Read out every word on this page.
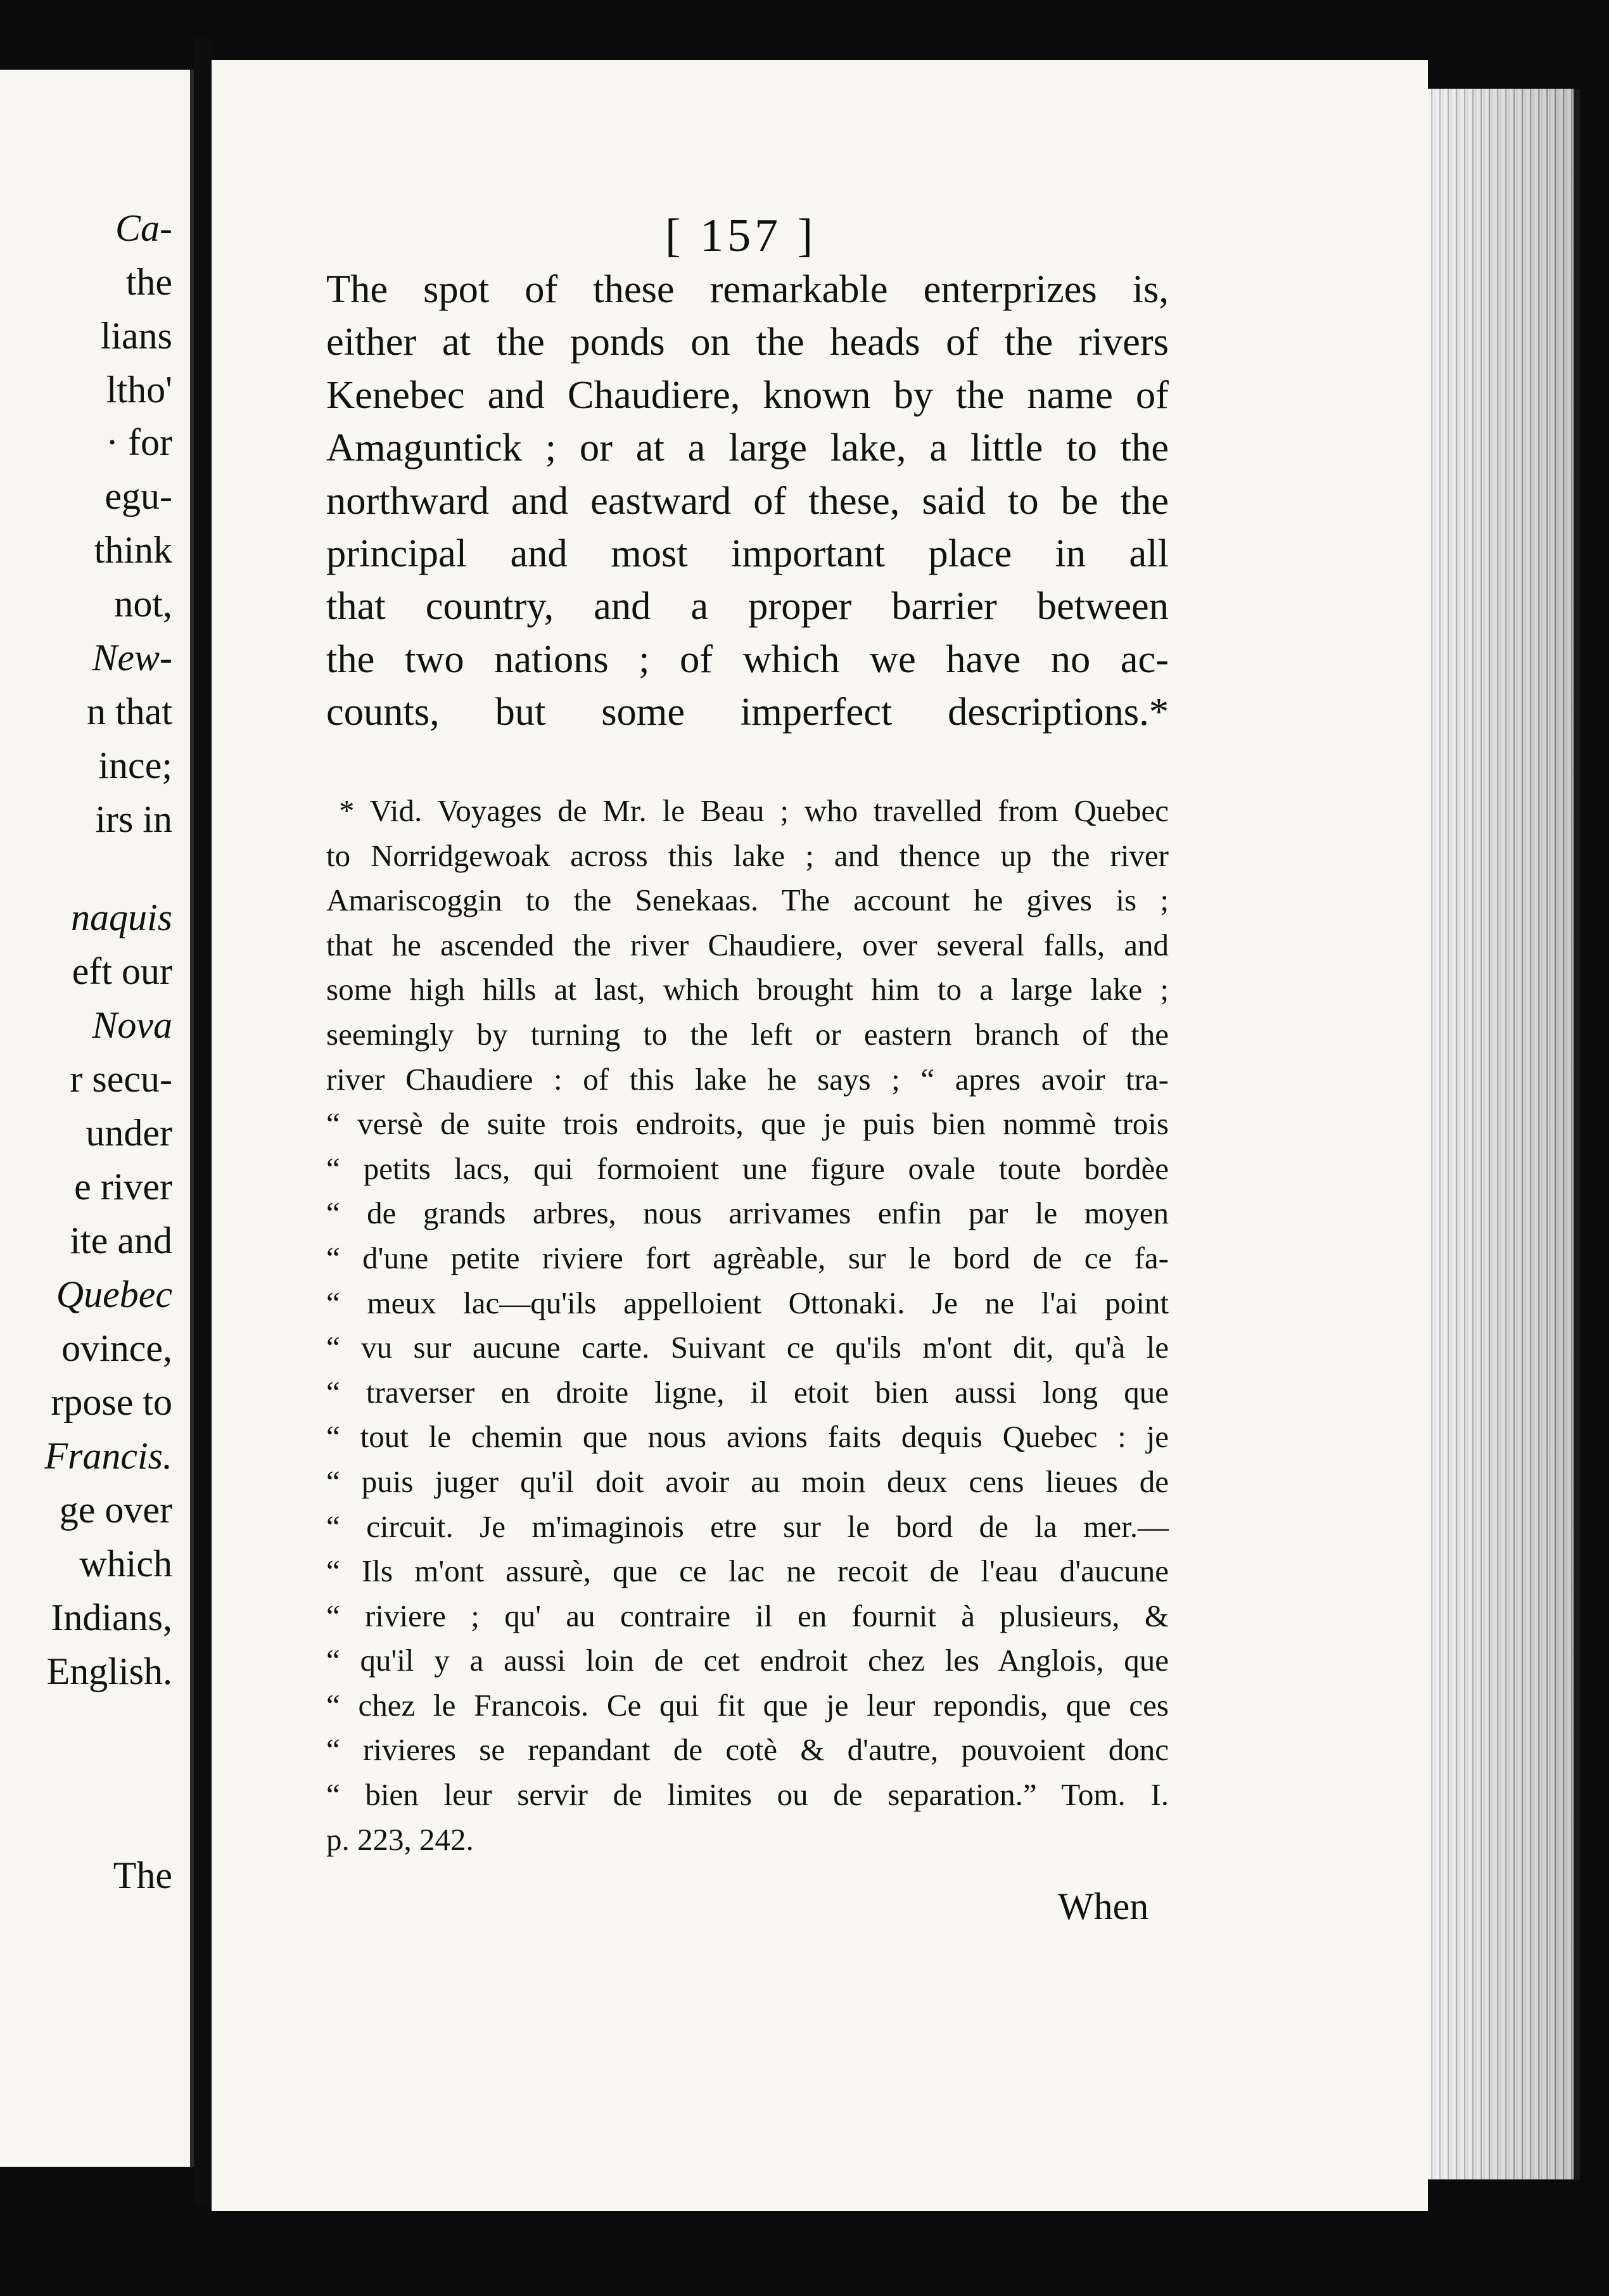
Ca-
the
lians
ltho'
· for
egu-
think
not,
New-
n that
ince;
irs in
naquis
eft our
Nova
r secu-
under
e river
ite and
Quebec
ovince,
rpose to
Francis.
ge over
which
Indians,
English.
The
[ 157 ]
The spot of these remarkable enterprizes is,
either at the ponds on the heads of the rivers
Kenebec and Chaudiere, known by the name of
Amaguntick ; or at a large lake, a little to the
northward and eastward of these, said to be the
principal and most important place in all
that country, and a proper barrier between
the two nations ; of which we have no ac-
counts, but some imperfect descriptions.*
* Vid. Voyages de Mr. le Beau ; who travelled from Quebec
to Norridgewoak across this lake ; and thence up the river
Amariscoggin to the Senekaas. The account he gives is ;
that he ascended the river Chaudiere, over several falls, and
some high hills at last, which brought him to a large lake ;
seemingly by turning to the left or eastern branch of the
river Chaudiere : of this lake he says ; “ apres avoir tra-
“ versè de suite trois endroits, que je puis bien nommè trois
“ petits lacs, qui formoient une figure ovale toute bordèe
“ de grands arbres, nous arrivames enfin par le moyen
“ d'une petite riviere fort agrèable, sur le bord de ce fa-
“ meux lac—qu'ils appelloient Ottonaki. Je ne l'ai point
“ vu sur aucune carte. Suivant ce qu'ils m'ont dit, qu'à le
“ traverser en droite ligne, il etoit bien aussi long que
“ tout le chemin que nous avions faits dequis Quebec : je
“ puis juger qu'il doit avoir au moin deux cens lieues de
“ circuit. Je m'imaginois etre sur le bord de la mer.—
“ Ils m'ont assurè, que ce lac ne recoit de l'eau d'aucune
“ riviere ; qu' au contraire il en fournit à plusieurs, &
“ qu'il y a aussi loin de cet endroit chez les Anglois, que
“ chez le Francois. Ce qui fit que je leur repondis, que ces
“ rivieres se repandant de cotè & d'autre, pouvoient donc
“ bien leur servir de limites ou de separation.” Tom. I.
p. 223, 242.
When
